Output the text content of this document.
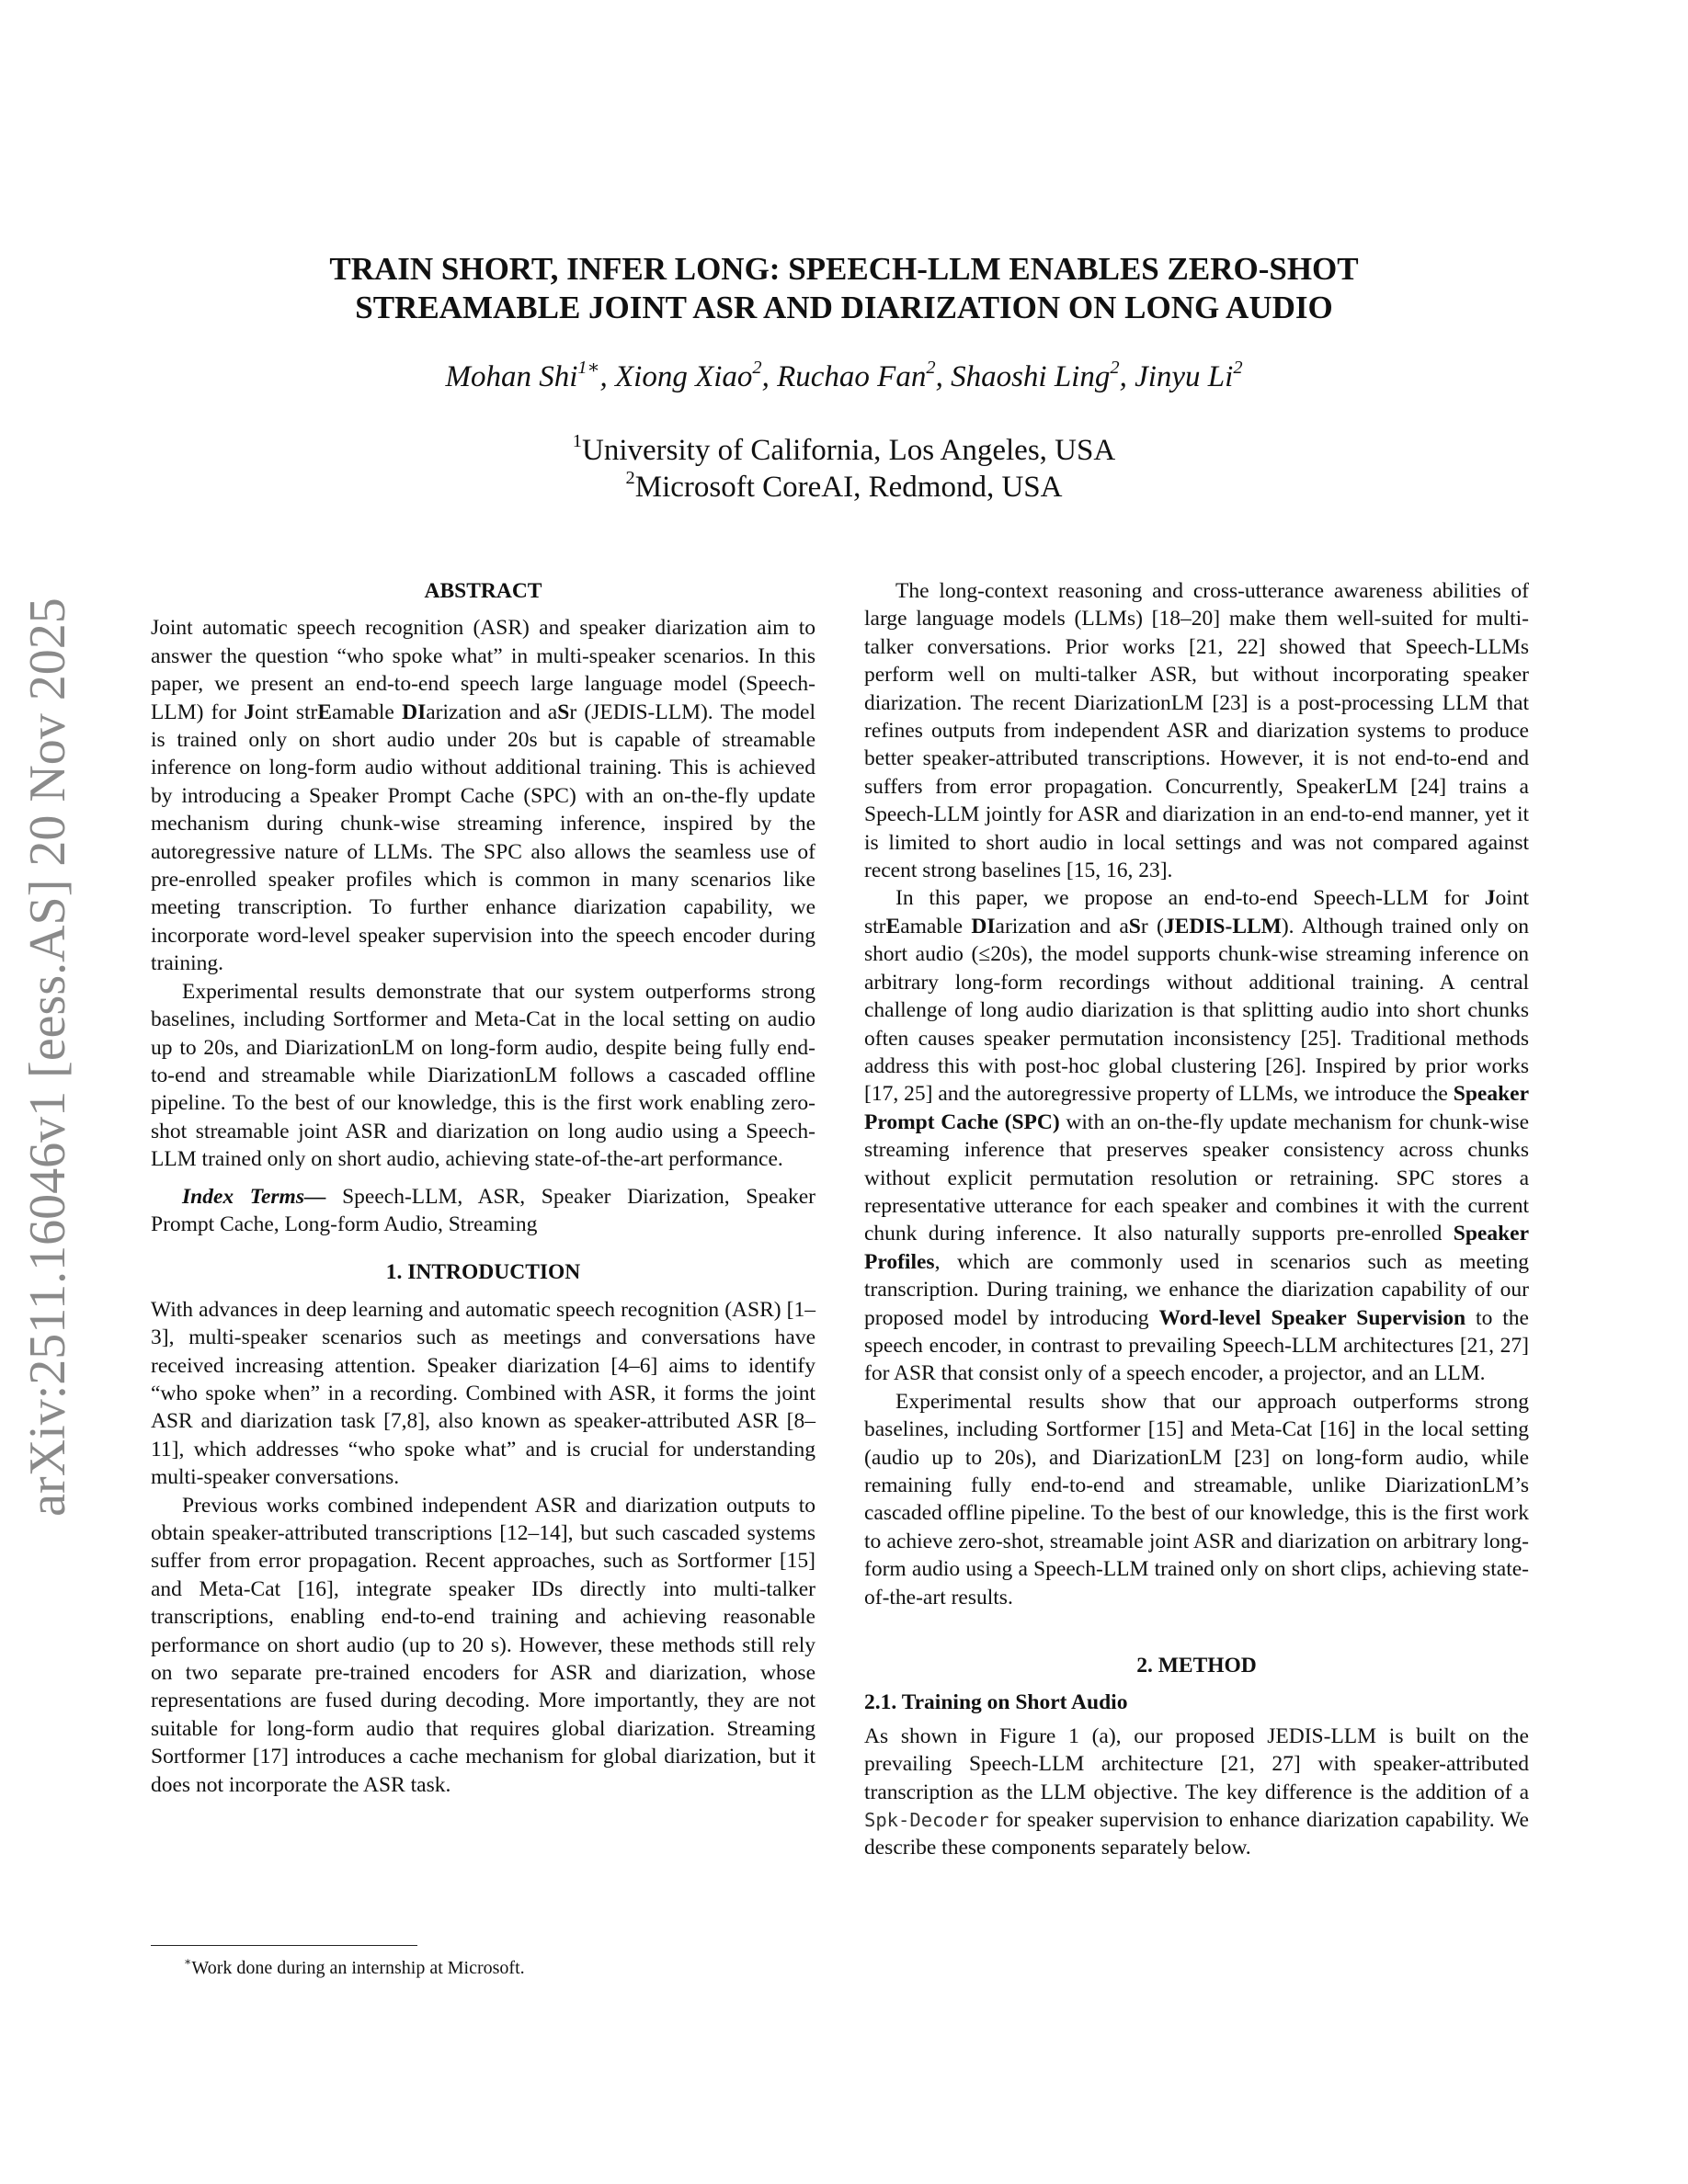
arXiv:2511.16046v1 [eess.AS] 20 Nov 2025
TRAIN SHORT, INFER LONG: SPEECH-LLM ENABLES ZERO-SHOT
STREAMABLE JOINT ASR AND DIARIZATION ON LONG AUDIO
Mohan Shi$^{1∗}$, Xiong Xiao$^2$, Ruchao Fan$^2$, Shaoshi Ling$^2$, Jinyu Li$^2$
$^1$University of California, Los Angeles, USA
$^2$Microsoft CoreAI, Redmond, USA
ABSTRACT

Joint automatic speech recognition (ASR) and speaker diarization aim to answer the question “who spoke what” in multi-speaker scenarios. In this paper, we present an end-to-end speech large language model (Speech-LLM) for Joint strEamable DIarization and aSr (JEDIS-LLM). The model is trained only on short audio under 20s but is capable of streamable inference on long-form audio without additional training. This is achieved by introducing a Speaker Prompt Cache (SPC) with an on-the-fly update mechanism during chunk-wise streaming inference, inspired by the autoregressive nature of LLMs. The SPC also allows the seamless use of pre-enrolled speaker profiles which is common in many scenarios like meeting transcription. To further enhance diarization capability, we incorporate word-level speaker supervision into the speech encoder during training.

Experimental results demonstrate that our system outperforms strong baselines, including Sortformer and Meta-Cat in the local setting on audio up to 20s, and DiarizationLM on long-form audio, despite being fully end-to-end and streamable while DiarizationLM follows a cascaded offline pipeline. To the best of our knowledge, this is the first work enabling zero-shot streamable joint ASR and diarization on long audio using a Speech-LLM trained only on short audio, achieving state-of-the-art performance.

Index Terms— Speech-LLM, ASR, Speaker Diarization, Speaker Prompt Cache, Long-form Audio, Streaming

1. INTRODUCTION

With advances in deep learning and automatic speech recognition (ASR) [1–3], multi-speaker scenarios such as meetings and conversations have received increasing attention. Speaker diarization [4–6] aims to identify “who spoke when” in a recording. Combined with ASR, it forms the joint ASR and diarization task [7,8], also known as speaker-attributed ASR [8–11], which addresses “who spoke what” and is crucial for understanding multi-speaker conversations.

Previous works combined independent ASR and diarization outputs to obtain speaker-attributed transcriptions [12–14], but such cascaded systems suffer from error propagation. Recent approaches, such as Sortformer [15] and Meta-Cat [16], integrate speaker IDs directly into multi-talker transcriptions, enabling end-to-end training and achieving reasonable performance on short audio (up to 20 s). However, these methods still rely on two separate pre-trained encoders for ASR and diarization, whose representations are fused during decoding. More importantly, they are not suitable for long-form audio that requires global diarization. Streaming Sortformer [17] introduces a cache mechanism for global diarization, but it does not incorporate the ASR task.

∗Work done during an internship at Microsoft.

The long-context reasoning and cross-utterance awareness abilities of large language models (LLMs) [18–20] make them well-suited for multi-talker conversations. Prior works [21, 22] showed that Speech-LLMs perform well on multi-talker ASR, but without incorporating speaker diarization. The recent DiarizationLM [23] is a post-processing LLM that refines outputs from independent ASR and diarization systems to produce better speaker-attributed transcriptions. However, it is not end-to-end and suffers from error propagation. Concurrently, SpeakerLM [24] trains a Speech-LLM jointly for ASR and diarization in an end-to-end manner, yet it is limited to short audio in local settings and was not compared against recent strong baselines [15, 16, 23].

In this paper, we propose an end-to-end Speech-LLM for Joint strEamable DIarization and aSr (JEDIS-LLM). Although trained only on short audio (≤20s), the model supports chunk-wise streaming inference on arbitrary long-form recordings without additional training. A central challenge of long audio diarization is that splitting audio into short chunks often causes speaker permutation inconsistency [25]. Traditional methods address this with post-hoc global clustering [26]. Inspired by prior works [17, 25] and the autoregressive property of LLMs, we introduce the Speaker Prompt Cache (SPC) with an on-the-fly update mechanism for chunk-wise streaming inference that preserves speaker consistency across chunks without explicit permutation resolution or retraining. SPC stores a representative utterance for each speaker and combines it with the current chunk during inference. It also naturally supports pre-enrolled Speaker Profiles, which are commonly used in scenarios such as meeting transcription. During training, we enhance the diarization capability of our proposed model by introducing Word-level Speaker Supervision to the speech encoder, in contrast to prevailing Speech-LLM architectures [21, 27] for ASR that consist only of a speech encoder, a projector, and an LLM.

Experimental results show that our approach outperforms strong baselines, including Sortformer [15] and Meta-Cat [16] in the local setting (audio up to 20s), and DiarizationLM [23] on long-form audio, while remaining fully end-to-end and streamable, unlike DiarizationLM’s cascaded offline pipeline. To the best of our knowledge, this is the first work to achieve zero-shot, streamable joint ASR and diarization on arbitrary long-form audio using a Speech-LLM trained only on short clips, achieving state-of-the-art results.

2. METHOD
2.1. Training on Short Audio

As shown in Figure 1 (a), our proposed JEDIS-LLM is built on the prevailing Speech-LLM architecture [21, 27] with speaker-attributed transcription as the LLM objective. The key difference is the addition of a Spk-Decoder for speaker supervision to enhance diarization capability. We describe these components separately below.
